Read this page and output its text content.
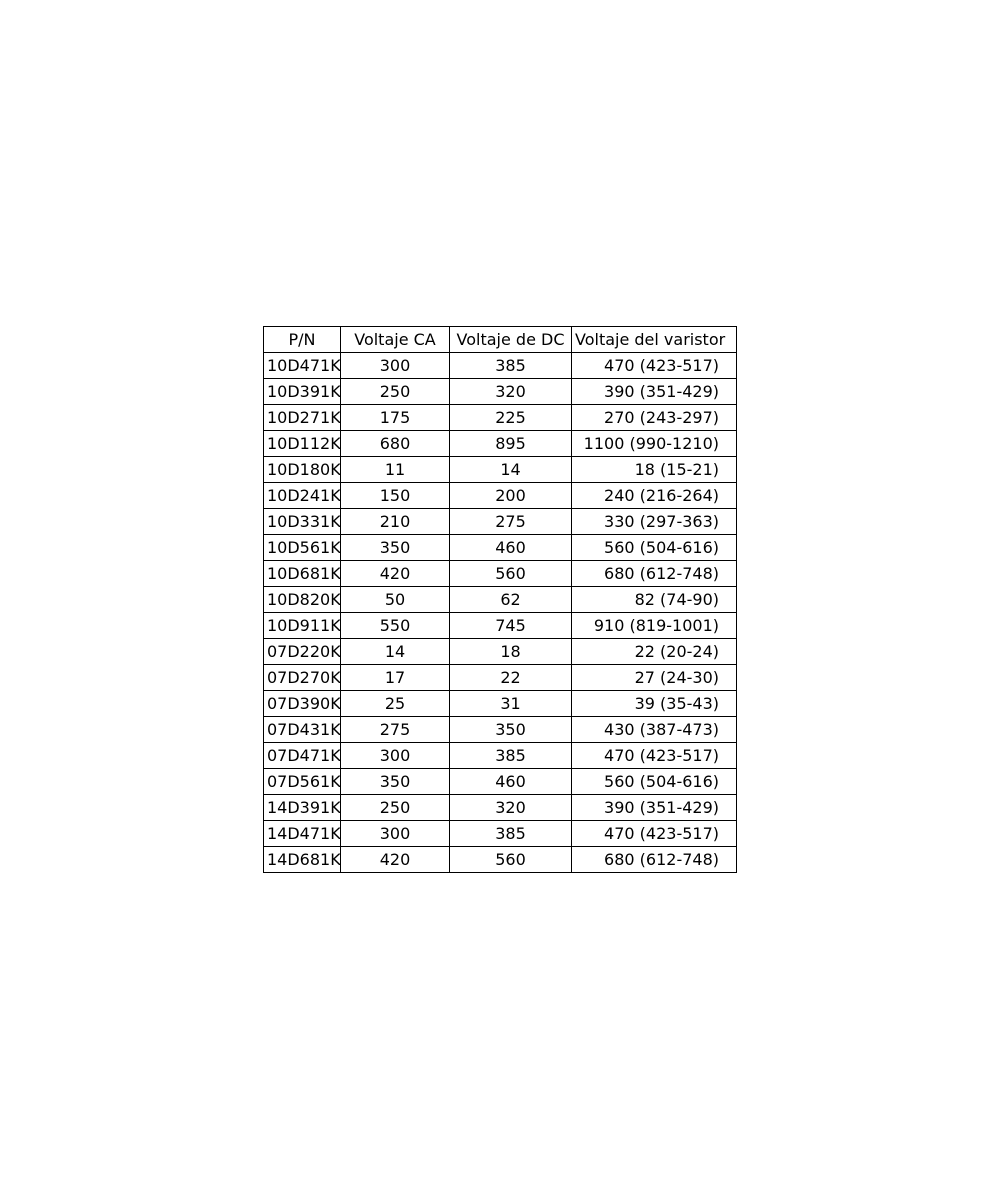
P/N	Voltaje CA	Voltaje de DC	Voltaje del varistor
10D471K	300	385	470 (423-517)
10D391K	250	320	390 (351-429)
10D271K	175	225	270 (243-297)
10D112K	680	895	1100 (990-1210)
10D180K	11	14	18 (15-21)
10D241K	150	200	240 (216-264)
10D331K	210	275	330 (297-363)
10D561K	350	460	560 (504-616)
10D681K	420	560	680 (612-748)
10D820K	50	62	82 (74-90)
10D911K	550	745	910 (819-1001)
07D220K	14	18	22 (20-24)
07D270K	17	22	27 (24-30)
07D390K	25	31	39 (35-43)
07D431K	275	350	430 (387-473)
07D471K	300	385	470 (423-517)
07D561K	350	460	560 (504-616)
14D391K	250	320	390 (351-429)
14D471K	300	385	470 (423-517)
14D681K	420	560	680 (612-748)
